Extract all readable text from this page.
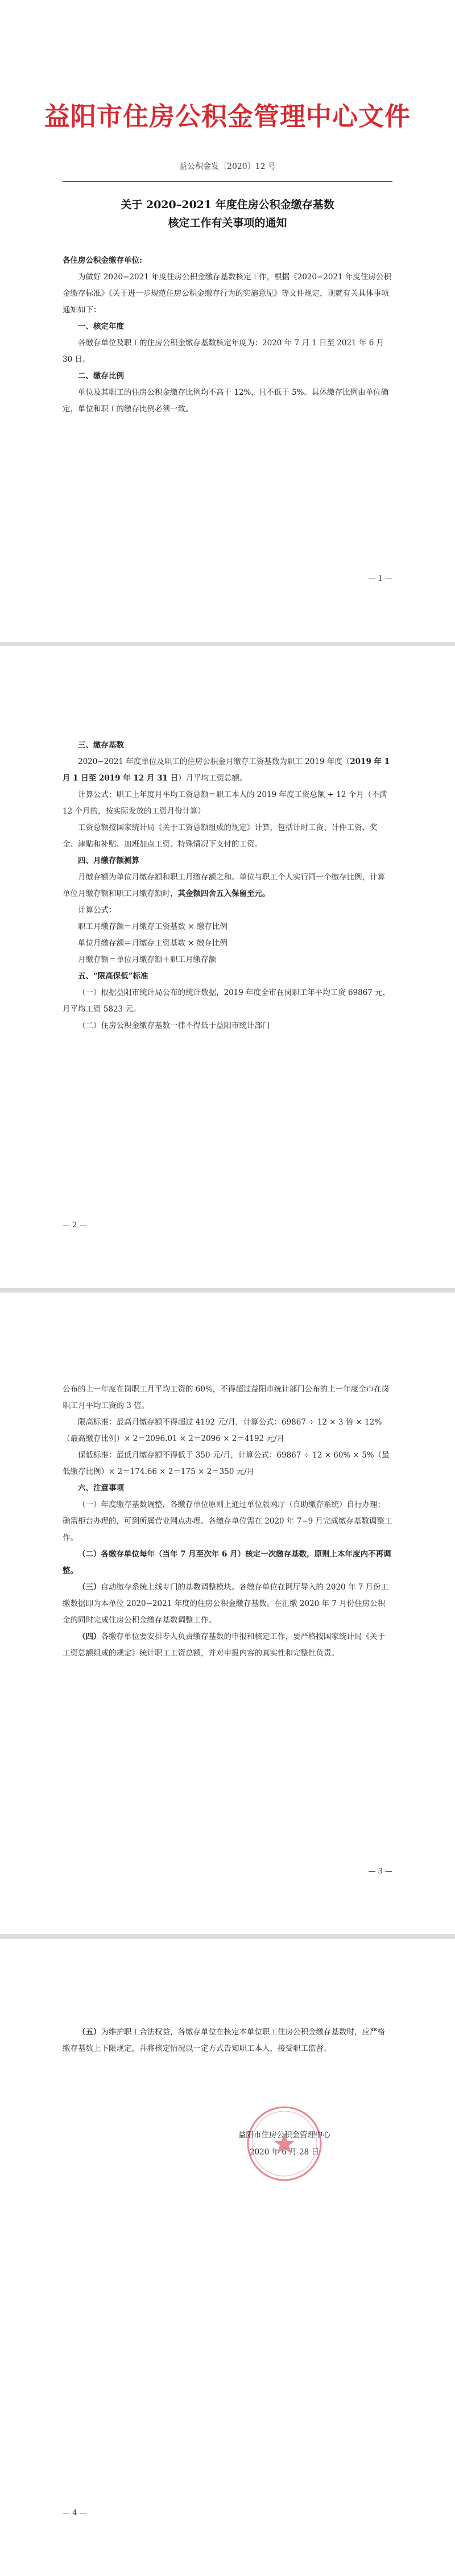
益阳市住房公积金管理中心文件
益公积金发〔2020〕12 号
关于 2020–2021 年度住房公积金缴存基数
核定工作有关事项的通知

各住房公积金缴存单位:

为做好 2020−2021 年度住房公积金缴存基数核定工作，根据《2020−2021 年度住房公积金缴存标准》《关于进一步规范住房公积金缴存行为的实施意见》等文件规定，现就有关具体事项通知如下：

一、核定年度

各缴存单位及职工的住房公积金缴存基数核定年度为：2020 年 7 月 1 日至 2021 年 6 月 30 日。

二、缴存比例

单位及其职工的住房公积金缴存比例均不高于 12%，且不低于 5%。具体缴存比例由单位确定，单位和职工的缴存比例必须一致。

— 1 —

三、缴存基数

2020−2021 年度单位及职工的住房公积金月缴存工资基数为职工 2019 年度（2019 年 1 月 1 日至 2019 年 12 月 31 日）月平均工资总额。

计算公式：职工上年度月平均工资总额＝职工本人的 2019 年度工资总额 ÷ 12 个月（不满 12 个月的，按实际发放的工资月份计算）

工资总额按国家统计局《关于工资总额组成的规定》计算，包括计时工资、计件工资、奖金、津贴和补贴、加班加点工资、特殊情况下支付的工资。

四、月缴存额测算

月缴存额为单位月缴存额和职工月缴存额之和。单位与职工个人实行同一个缴存比例，计算单位月缴存额和职工月缴存额时，其金额四舍五入保留至元。

计算公式：

职工月缴存额＝月缴存工资基数 × 缴存比例

单位月缴存额＝月缴存工资基数 × 缴存比例

月缴存额＝单位月缴存额＋职工月缴存额

五、“限高保低”标准

（一）根据益阳市统计局公布的统计数据，2019 年度全市在岗职工年平均工资 69867 元，月平均工资 5823 元。

（二）住房公积金缴存基数一律不得低于益阳市统计部门

— 2 —

公布的上一年度在岗职工月平均工资的 60%，不得超过益阳市统计部门公布的上一年度全市在岗职工月平均工资的 3 倍。

限高标准：最高月缴存额不得超过 4192 元/月，计算公式：69867 ÷ 12 × 3 倍 × 12%（最高缴存比例）× 2＝2096.01 × 2＝2096 × 2＝4192 元/月

保低标准：最低月缴存额不得低于 350 元/月，计算公式：69867 ÷ 12 × 60% × 5%（最低缴存比例）× 2＝174.66 × 2＝175 × 2＝350 元/月

六、注意事项

（一）年度缴存基数调整，各缴存单位原则上通过单位版网厅（自助缴存系统）自行办理；确需柜台办理的，可到所属营业网点办理。各缴存单位需在 2020 年 7−9 月完成缴存基数调整工作。

（二）各缴存单位每年（当年 7 月至次年 6 月）核定一次缴存基数，原则上本年度内不再调整。

（三）自动缴存系统上线专门的基数调整模块。各缴存单位在网厅导入的 2020 年 7 月份工缴数据即为本单位 2020−2021 年度的住房公积金缴存基数。在汇缴 2020 年 7 月份住房公积金的同时完成住房公积金缴存基数调整工作。

（四）各缴存单位要安排专人负责缴存基数的申报和核定工作，要严格按国家统计局《关于工资总额组成的规定》统计职工工资总额，并对申报内容的真实性和完整性负责。

— 3 —

（五）为维护职工合法权益，各缴存单位在核定本单位职工住房公积金缴存基数时，应严格缴存基数上下限规定，并将核定情况以一定方式告知职工本人，接受职工监督。

益阳市住房公积金管理中心
2020 年 6 月 28 日
— 4 —
